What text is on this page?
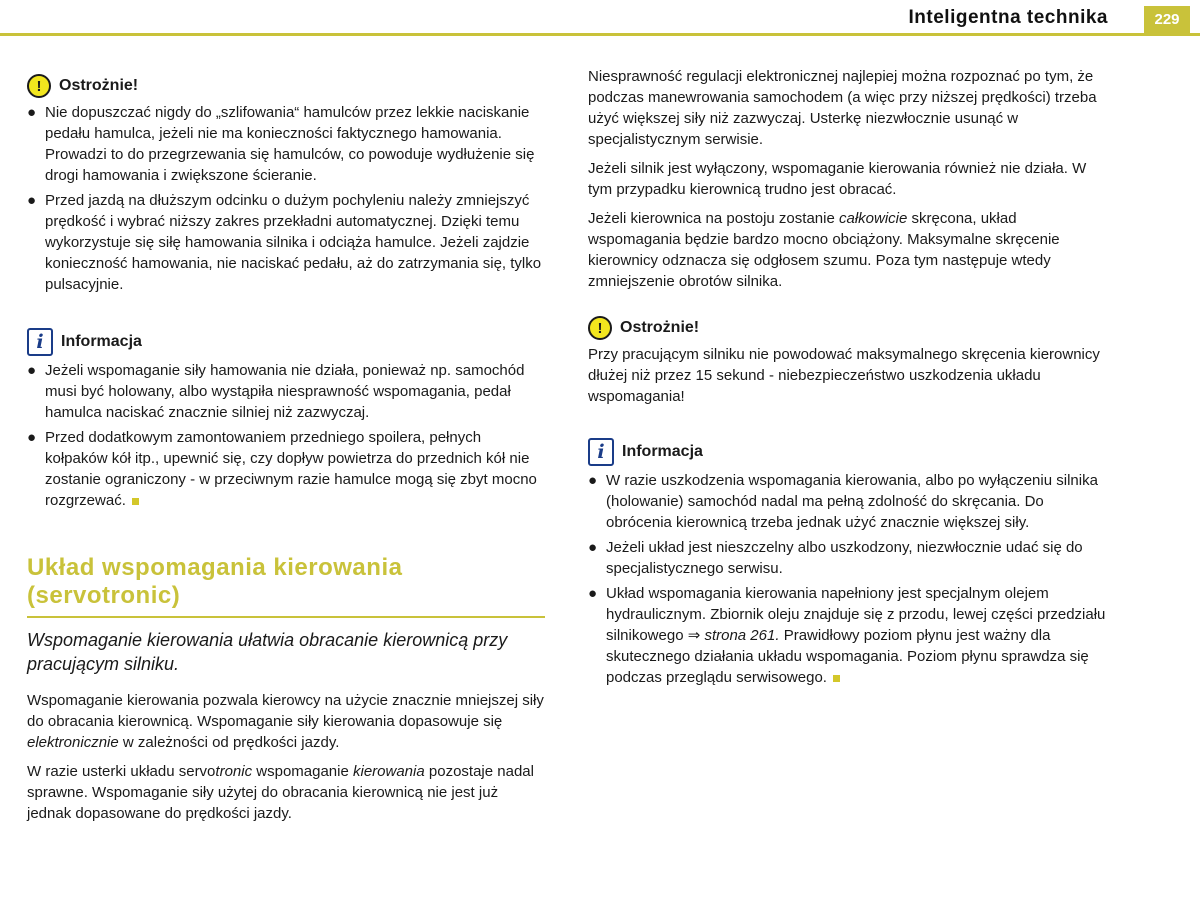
Inteligentna technika	229
!	Ostrożnie!
● Nie dopuszczać nigdy do „szlifowania“ hamulców przez lekkie naciskanie pedału hamulca, jeżeli nie ma konieczności faktycznego hamowania. Prowadzi to do przegrzewania się hamulców, co powoduje wydłużenie się drogi hamowania i zwiększone ścieranie.

● Przed jazdą na dłuższym odcinku o dużym pochyleniu należy zmniejszyć prędkość i wybrać niższy zakres przekładni automatycznej. Dzięki temu wykorzystuje się siłę hamowania silnika i odciąża hamulce. Jeżeli zajdzie konieczność hamowania, nie naciskać pedału, aż do zatrzymania się, tylko pulsacyjnie.

i	Informacja
● Jeżeli wspomaganie siły hamowania nie działa, ponieważ np. samochód musi być holowany, albo wystąpiła niesprawność wspomagania, pedał hamulca naciskać znacznie silniej niż zazwyczaj.

● Przed dodatkowym zamontowaniem przedniego spoilera, pełnych kołpaków kół itp., upewnić się, czy dopływ powietrza do przednich kół nie zostanie ograniczony - w przeciwnym razie hamulce mogą się zbyt mocno rozgrzewać.

Układ wspomagania kierowania
(servotronic)

Wspomaganie kierowania ułatwia obracanie kierownicą przy pracującym silniku.

Wspomaganie kierowania pozwala kierowcy na użycie znacznie mniejszej siły do obracania kierownicą. Wspomaganie siły kierowania dopasowuje się elektronicznie w zależności od prędkości jazdy.

W razie usterki układu servotronic wspomaganie kierowania pozostaje nadal sprawne. Wspomaganie siły użytej do obracania kierownicą nie jest już jednak dopasowane do prędkości jazdy.

Niesprawność regulacji elektronicznej najlepiej można rozpoznać po tym, że podczas manewrowania samochodem (a więc przy niższej prędkości) trzeba użyć większej siły niż zazwyczaj. Usterkę niezwłocznie usunąć w specjalistycznym serwisie.

Jeżeli silnik jest wyłączony, wspomaganie kierowania również nie działa. W tym przypadku kierownicą trudno jest obracać.

Jeżeli kierownica na postoju zostanie całkowicie skręcona, układ wspomagania będzie bardzo mocno obciążony. Maksymalne skręcenie kierownicy odznacza się odgłosem szumu. Poza tym następuje wtedy zmniejszenie obrotów silnika.

!	Ostrożnie!

Przy pracującym silniku nie powodować maksymalnego skręcenia kierownicy dłużej niż przez 15 sekund - niebezpieczeństwo uszkodzenia układu wspomagania!

i	Informacja
● W razie uszkodzenia wspomagania kierowania, albo po wyłączeniu silnika (holowanie) samochód nadal ma pełną zdolność do skręcania. Do obrócenia kierownicą trzeba jednak użyć znacznie większej siły.

● Jeżeli układ jest nieszczelny albo uszkodzony, niezwłocznie udać się do specjalistycznego serwisu.

● Układ wspomagania kierowania napełniony jest specjalnym olejem hydraulicznym. Zbiornik oleju znajduje się z przodu, lewej części przedziału silnikowego ⇒ strona 261. Prawidłowy poziom płynu jest ważny dla skutecznego działania układu wspomagania. Poziom płynu sprawdza się podczas przeglądu serwisowego.
